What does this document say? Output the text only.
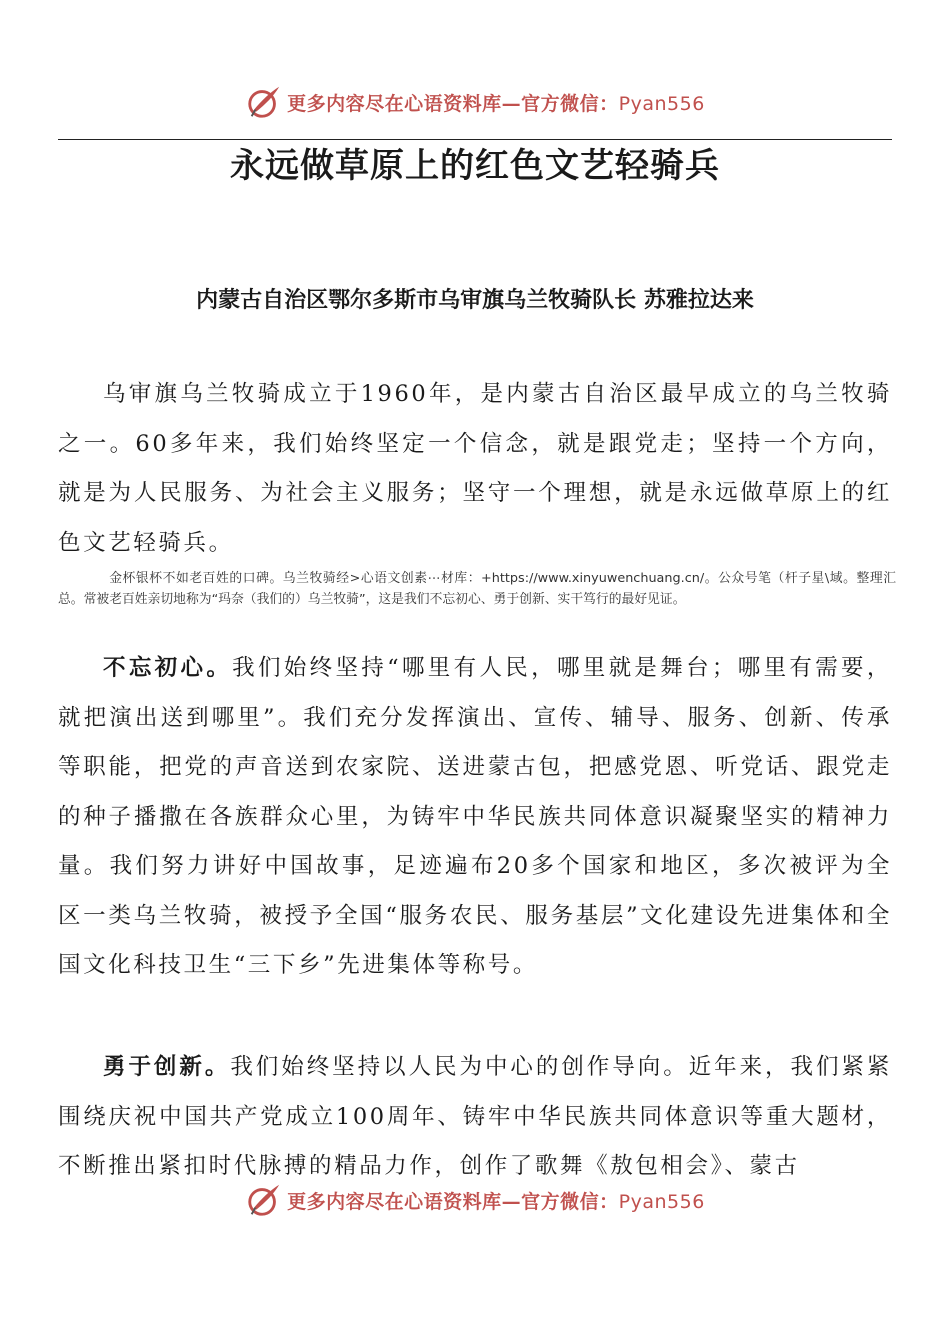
更多内容尽在心语资料库—官方微信：Pyan556
永远做草原上的红色文艺轻骑兵

内蒙古自治区鄂尔多斯市乌审旗乌兰牧骑队长 苏雅拉达来

乌审旗乌兰牧骑成立于1960年，是内蒙古自治区最早成立的乌兰牧骑之一。60多年来，我们始终坚定一个信念，就是跟党走；坚持一个方向，就是为人民服务、为社会主义服务；坚守一个理想，就是永远做草原上的红色文艺轻骑兵。

金杯银杯不如老百姓的口碑。乌兰牧骑经>心语文创素⋯材库：+https://www.xinyuwenchuang.cn/。公众号笔（杆子星\域。整理汇总。常被老百姓亲切地称为“玛奈（我们的）乌兰牧骑”，这是我们不忘初心、勇于创新、实干笃行的最好见证。

不忘初心。我们始终坚持“哪里有人民，哪里就是舞台；哪里有需要，就把演出送到哪里”。我们充分发挥演出、宣传、辅导、服务、创新、传承等职能，把党的声音送到农家院、送进蒙古包，把感党恩、听党话、跟党走的种子播撒在各族群众心里，为铸牢中华民族共同体意识凝聚坚实的精神力量。我们努力讲好中国故事，足迹遍布20多个国家和地区，多次被评为全区一类乌兰牧骑，被授予全国“服务农民、服务基层”文化建设先进集体和全国文化科技卫生“三下乡”先进集体等称号。

勇于创新。我们始终坚持以人民为中心的创作导向。近年来，我们紧紧围绕庆祝中国共产党成立100周年、铸牢中华民族共同体意识等重大题材，不断推出紧扣时代脉搏的精品力作，创作了歌舞《敖包相会》、蒙古

更多内容尽在心语资料库—官方微信：Pyan556
